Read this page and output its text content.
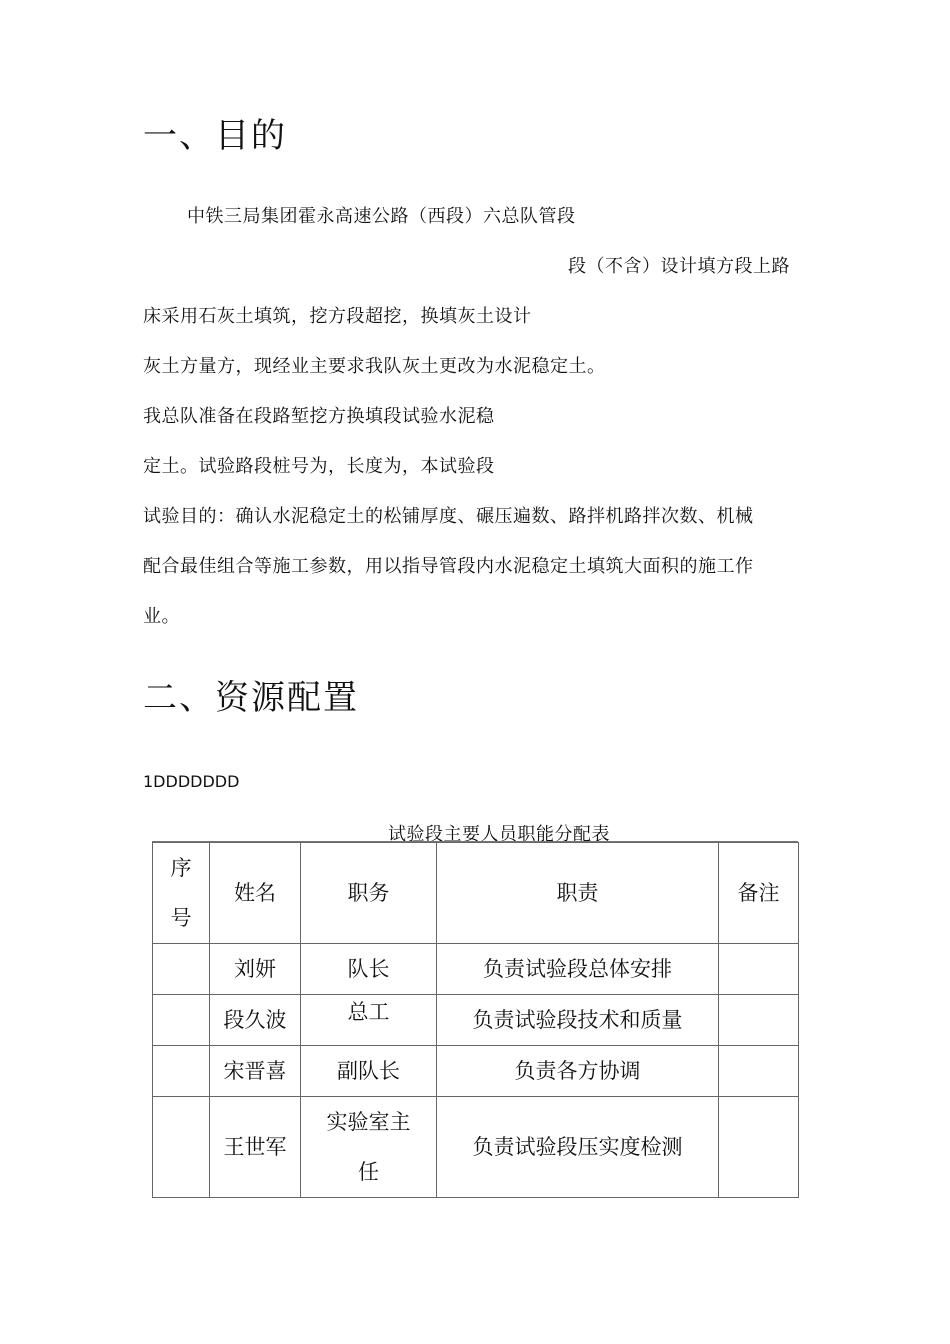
一、目的
中铁三局集团霍永高速公路（西段）六总队管段
段（不含）设计填方段上路
床采用石灰土填筑，挖方段超挖，换填灰土设计
灰土方量方，现经业主要求我队灰土更改为水泥稳定土。
我总队准备在段路堑挖方换填段试验水泥稳
定土。试验路段桩号为，长度为，本试验段
试验目的：确认水泥稳定土的松铺厚度、碾压遍数、路拌机路拌次数、机械
配合最佳组合等施工参数，用以指导管段内水泥稳定土填筑大面积的施工作
业。
二、资源配置
1DDDDDDD
试验段主要人员职能分配表
序
号	姓名	职务	职责	备注
	刘妍	队长	负责试验段总体安排	
	段久波	总工	负责试验段技术和质量	
	宋晋喜	副队长	负责各方协调	
	王世军	实验室主
任	负责试验段压实度检测	
